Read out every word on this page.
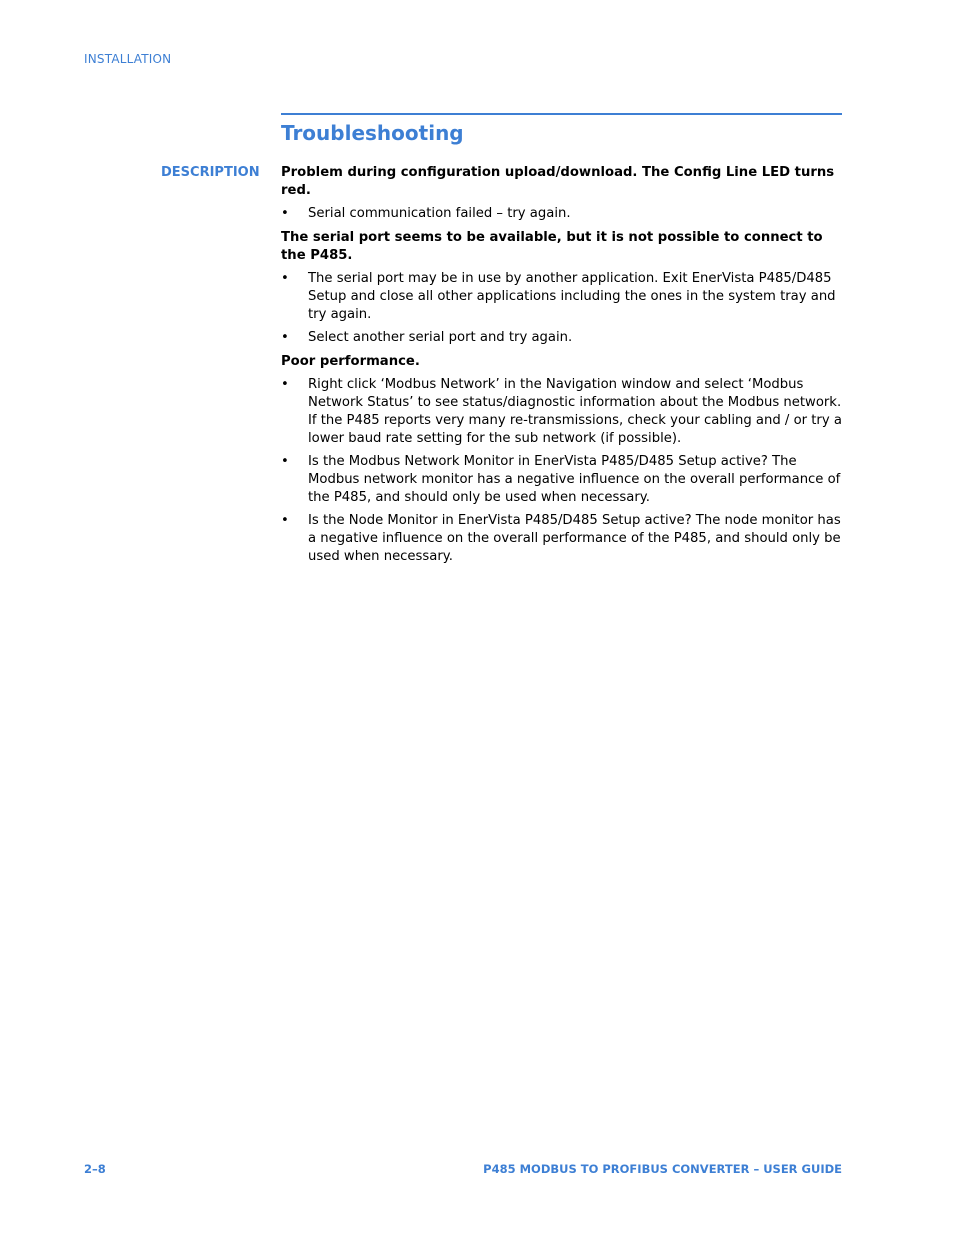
INSTALLATION
Troubleshooting
DESCRIPTION Problem during configuration upload/download. The Config Line LED turns red.

• Serial communication failed – try again.

The serial port seems to be available, but it is not possible to connect to the P485.

• The serial port may be in use by another application. Exit EnerVista P485/D485 Setup and close all other applications including the ones in the system tray and try again.
• Select another serial port and try again.

Poor performance.

• Right click ‘Modbus Network’ in the Navigation window and select ‘Modbus Network Status’ to see status/diagnostic information about the Modbus network. If the P485 reports very many re-transmissions, check your cabling and / or try a lower baud rate setting for the sub network (if possible).
• Is the Modbus Network Monitor in EnerVista P485/D485 Setup active? The Modbus network monitor has a negative influence on the overall performance of the P485, and should only be used when necessary.
• Is the Node Monitor in EnerVista P485/D485 Setup active? The node monitor has a negative influence on the overall performance of the P485, and should only be used when necessary.
2–8	P485 MODBUS TO PROFIBUS CONVERTER – USER GUIDE
